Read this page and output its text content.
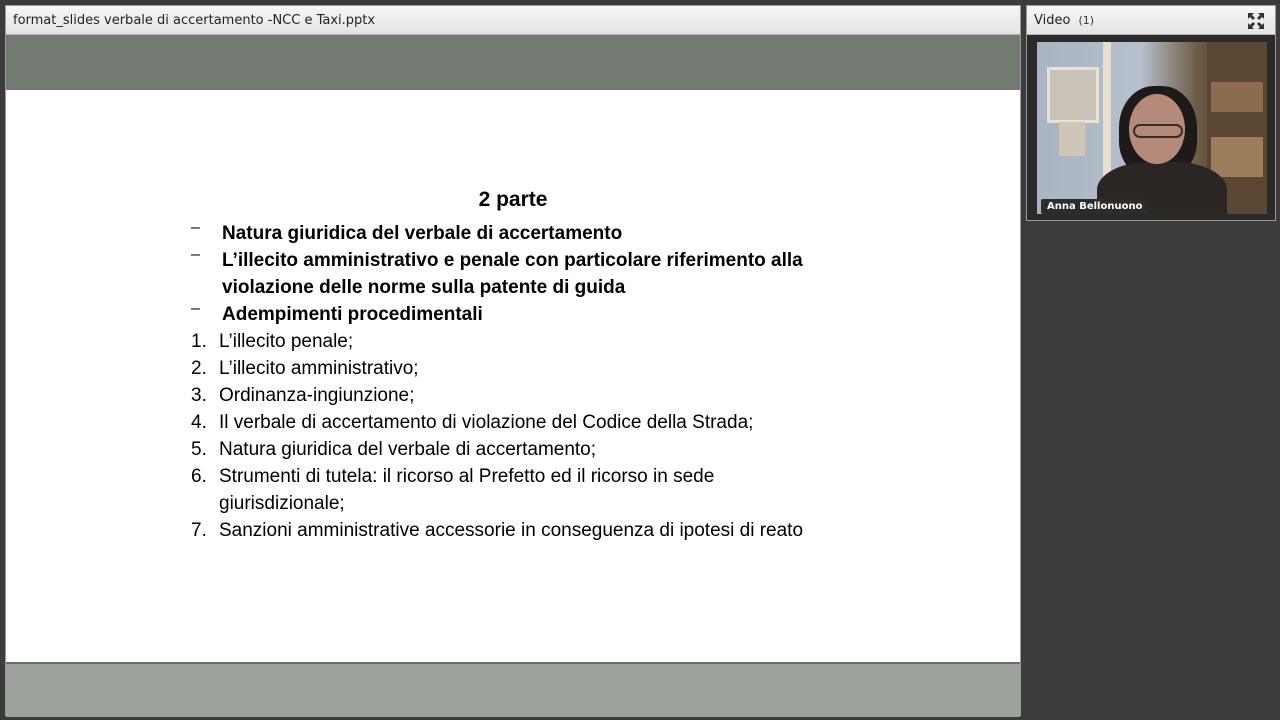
format_slides verbale di accertamento -NCC e Taxi.pptx
2 parte
– Natura giuridica del verbale di accertamento
– L’illecito amministrativo e penale con particolare riferimento alla violazione delle norme sulla patente di guida
– Adempimenti procedimentali
1. L’illecito penale;
2. L’illecito amministrativo;
3. Ordinanza-ingiunzione;
4. Il verbale di accertamento di violazione del Codice della Strada;
5. Natura giuridica del verbale di accertamento;
6. Strumenti di tutela: il ricorso al Prefetto ed il ricorso in sede giurisdizionale;
7. Sanzioni amministrative accessorie in conseguenza di ipotesi di reato
Video (1)
Anna Bellonuono
